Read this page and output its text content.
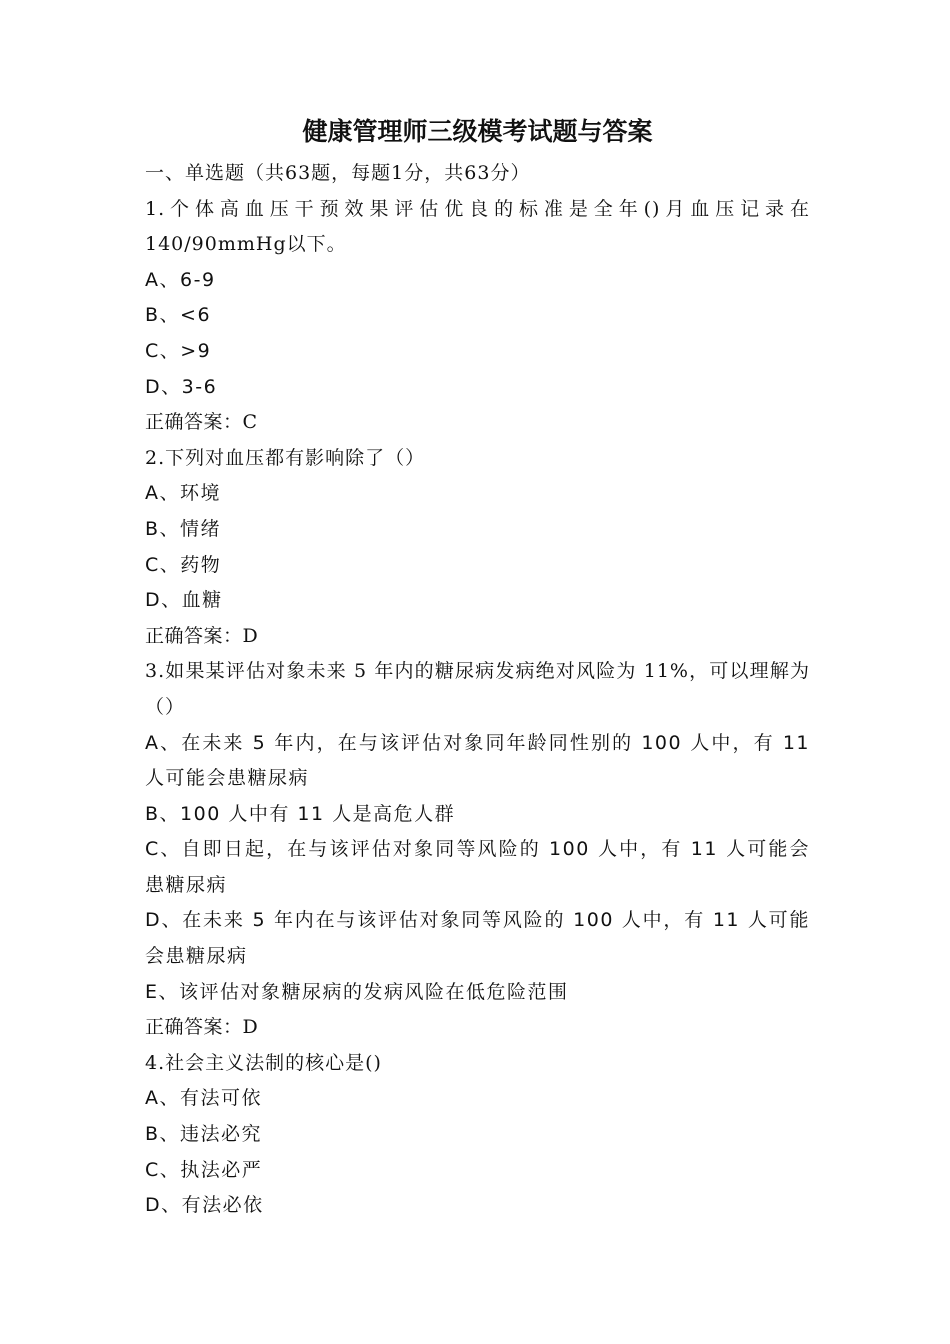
健康管理师三级模考试题与答案

一、单选题（共63题，每题1分，共63分）

1.个体高血压干预效果评估优良的标准是全年()月血压记录在140/90mmHg以下。

A、6-9

B、<6

C、>9

D、3-6

正确答案：C

2.下列对血压都有影响除了（）

A、环境

B、情绪

C、药物

D、血糖

正确答案：D

3.如果某评估对象未来 5 年内的糖尿病发病绝对风险为 11%，可以理解为（）

A、在未来 5 年内，在与该评估对象同年龄同性别的 100 人中，有 11 人可能会患糖尿病

B、100 人中有 11 人是高危人群

C、自即日起，在与该评估对象同等风险的 100 人中，有 11 人可能会患糖尿病

D、在未来 5 年内在与该评估对象同等风险的 100 人中，有 11 人可能会患糖尿病

E、该评估对象糖尿病的发病风险在低危险范围

正确答案：D

4.社会主义法制的核心是()

A、有法可依

B、违法必究

C、执法必严

D、有法必依
